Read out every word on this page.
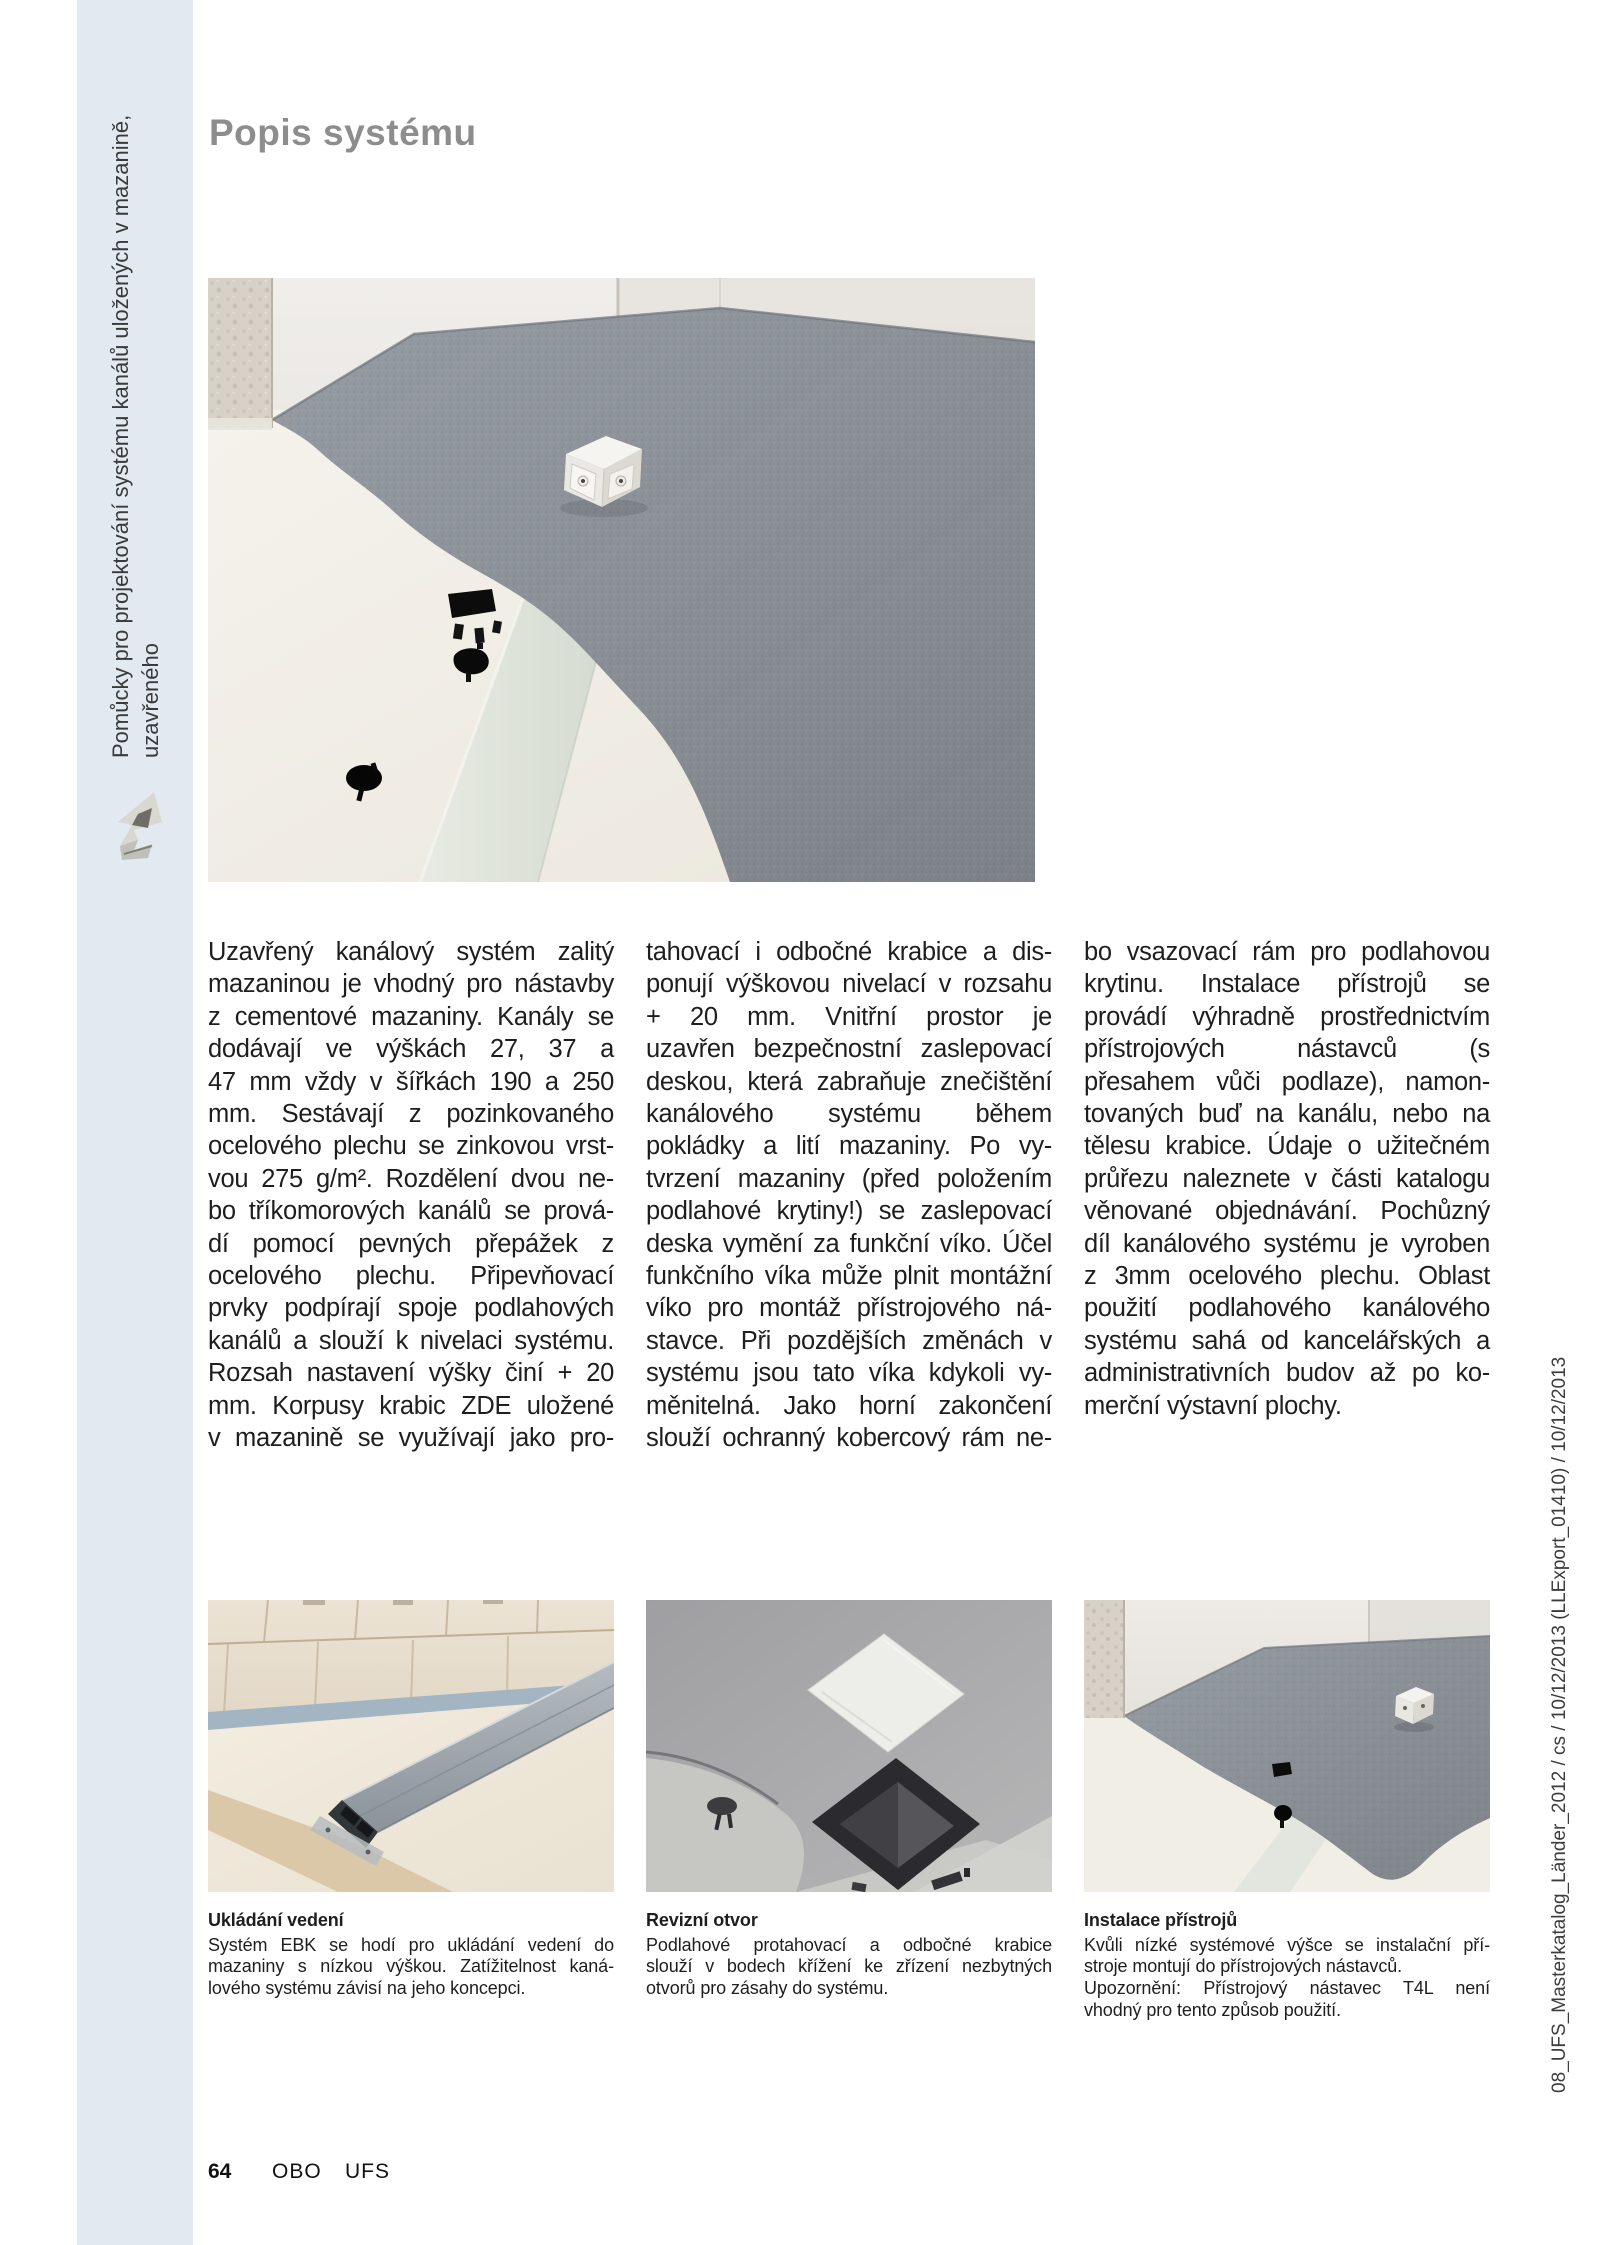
Pomůcky pro projektování systému kanálů uložených v mazanině, uzavřeného
Popis systému
Uzavřený kanálový systém zalitý
mazaninou je vhodný pro nástavby
z cementové mazaniny. Kanály se
dodávají ve výškách 27, 37 a
47 mm vždy v šířkách 190 a 250
mm. Sestávají z pozinkovaného
ocelového plechu se zinkovou vrst-
vou 275 g/m². Rozdělení dvou ne-
bo tříkomorových kanálů se prová-
dí pomocí pevných přepážek z
ocelového plechu. Připevňovací
prvky podpírají spoje podlahových
kanálů a slouží k nivelaci systému.
Rozsah nastavení výšky činí + 20
mm. Korpusy krabic ZDE uložené
v mazanině se využívají jako pro-
tahovací i odbočné krabice a dis-
ponují výškovou nivelací v rozsahu
+ 20 mm. Vnitřní prostor je
uzavřen bezpečnostní zaslepovací
deskou, která zabraňuje znečištění
kanálového systému během
pokládky a lití mazaniny. Po vy-
tvrzení mazaniny (před položením
podlahové krytiny!) se zaslepovací
deska vymění za funkční víko. Účel
funkčního víka může plnit montážní
víko pro montáž přístrojového ná-
stavce. Při pozdějších změnách v
systému jsou tato víka kdykoli vy-
měnitelná. Jako horní zakončení
slouží ochranný kobercový rám ne-
bo vsazovací rám pro podlahovou
krytinu. Instalace přístrojů se
provádí výhradně prostřednictvím
přístrojových nástavců (s
přesahem vůči podlaze), namon-
tovaných buď na kanálu, nebo na
tělesu krabice. Údaje o užitečném
průřezu naleznete v části katalogu
věnované objednávání. Pochůzný
díl kanálového systému je vyroben
z 3mm ocelového plechu. Oblast
použití podlahového kanálového
systému sahá od kancelářských a
administrativních budov až po ko-
merční výstavní plochy.
Ukládání vedení
Systém EBK se hodí pro ukládání vedení do
mazaniny s nízkou výškou. Zatížitelnost kaná-
lového systému závisí na jeho koncepci.
Revizní otvor
Podlahové protahovací a odbočné krabice
slouží v bodech křížení ke zřízení nezbytných
otvorů pro zásahy do systému.
Instalace přístrojů
Kvůli nízké systémové výšce se instalační pří-
stroje montují do přístrojových nástavců.
Upozornění: Přístrojový nástavec T4L není
vhodný pro tento způsob použití.	08_UFS_Masterkatalog_Länder_2012 / cs / 10/12/2013 (LLExport_01410) / 10/12/2013
64 OBO UFS
